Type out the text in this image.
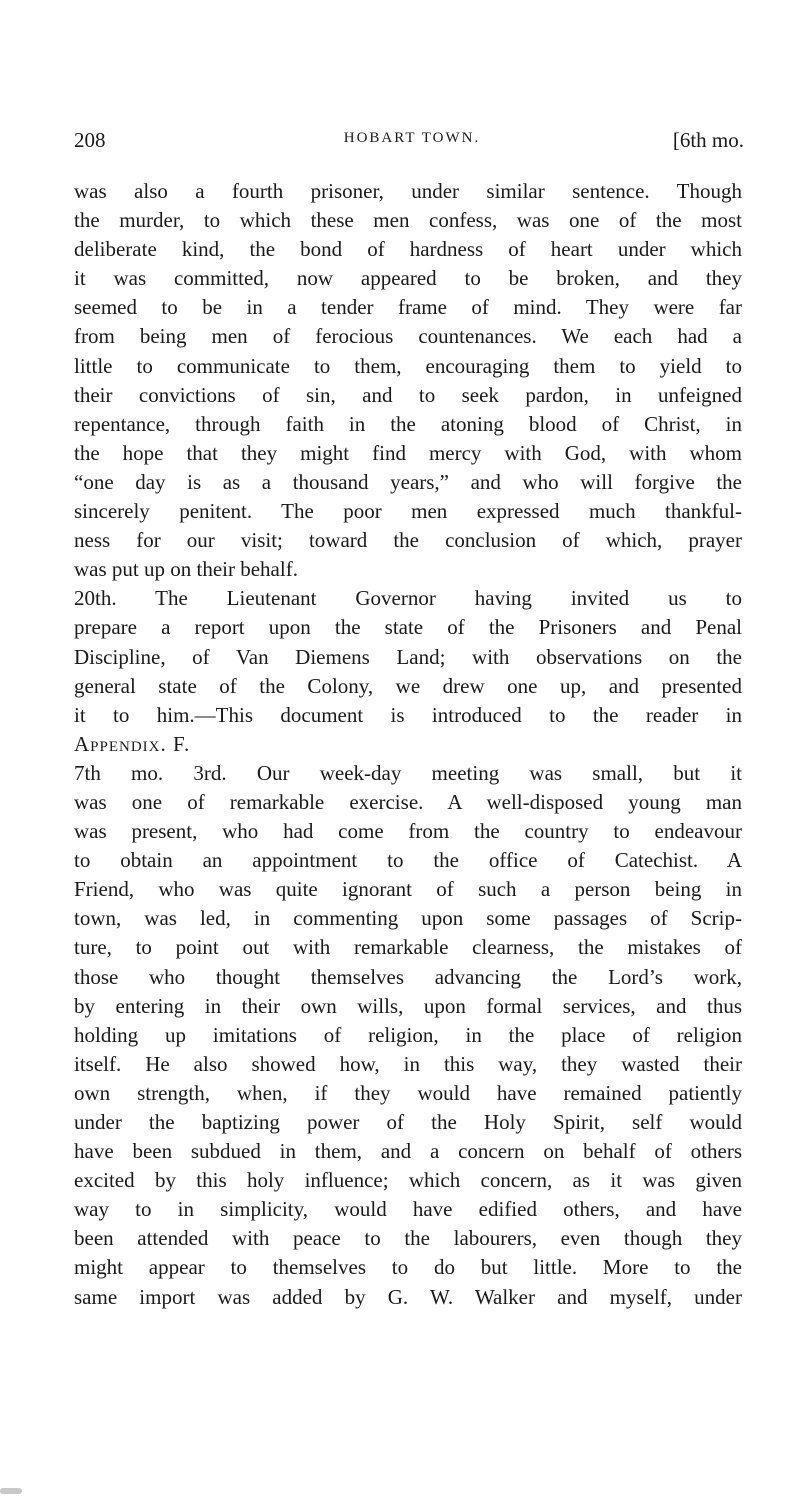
208	HOBART TOWN.	[6th mo.
was also a fourth prisoner, under similar sentence. Though
the murder, to which these men confess, was one of the most
deliberate kind, the bond of hardness of heart under which
it was committed, now appeared to be broken, and they
seemed to be in a tender frame of mind. They were far
from being men of ferocious countenances. We each had a
little to communicate to them, encouraging them to yield to
their convictions of sin, and to seek pardon, in unfeigned
repentance, through faith in the atoning blood of Christ, in
the hope that they might find mercy with God, with whom
“one day is as a thousand years,” and who will forgive the
sincerely penitent. The poor men expressed much thankful-
ness for our visit; toward the conclusion of which, prayer
was put up on their behalf.
20th. The Lieutenant Governor having invited us to
prepare a report upon the state of the Prisoners and Penal
Discipline, of Van Diemens Land; with observations on the
general state of the Colony, we drew one up, and presented
it to him.—This document is introduced to the reader in
Appendix. F.
7th mo. 3rd. Our week-day meeting was small, but it
was one of remarkable exercise. A well-disposed young man
was present, who had come from the country to endeavour
to obtain an appointment to the office of Catechist. A
Friend, who was quite ignorant of such a person being in
town, was led, in commenting upon some passages of Scrip-
ture, to point out with remarkable clearness, the mistakes of
those who thought themselves advancing the Lord’s work,
by entering in their own wills, upon formal services, and thus
holding up imitations of religion, in the place of religion
itself. He also showed how, in this way, they wasted their
own strength, when, if they would have remained patiently
under the baptizing power of the Holy Spirit, self would
have been subdued in them, and a concern on behalf of others
excited by this holy influence; which concern, as it was given
way to in simplicity, would have edified others, and have
been attended with peace to the labourers, even though they
might appear to themselves to do but little. More to the
same import was added by G. W. Walker and myself, under
